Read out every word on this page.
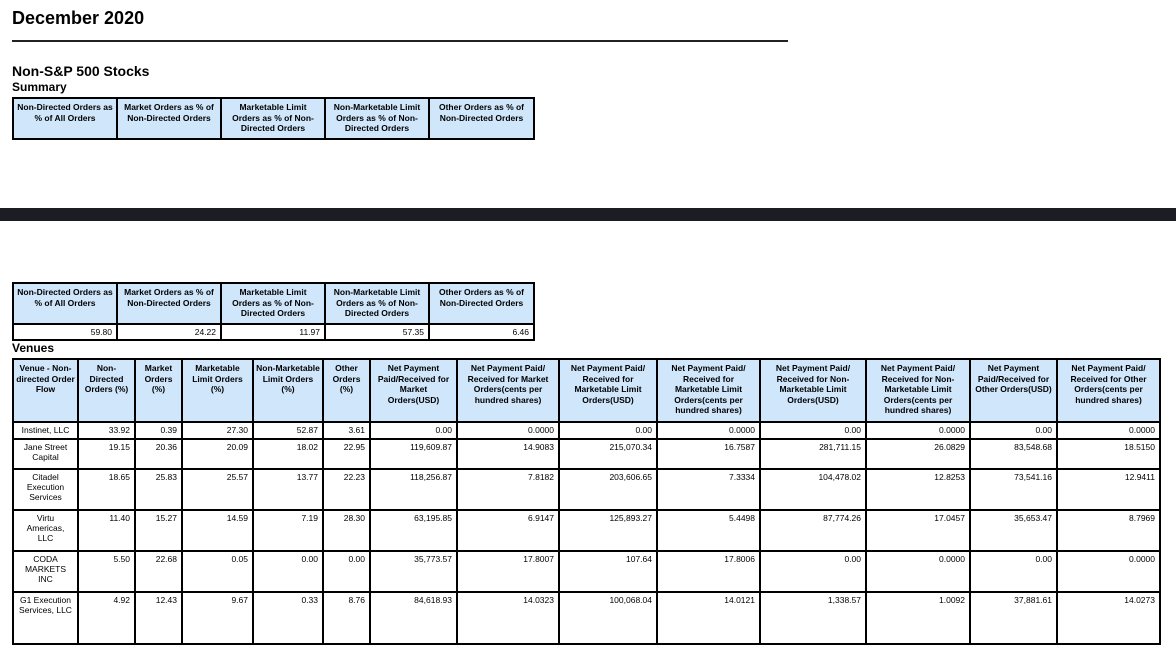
December 2020
Non-S&P 500 Stocks
Summary
Non-Directed Orders as % of All Orders	Market Orders as % of Non-Directed Orders	Marketable Limit Orders as % of Non-Directed Orders	Non-Marketable Limit Orders as % of Non-Directed Orders	Other Orders as % of Non-Directed Orders
Non-Directed Orders as % of All Orders	Market Orders as % of Non-Directed Orders	Marketable Limit Orders as % of Non-Directed Orders	Non-Marketable Limit Orders as % of Non-Directed Orders	Other Orders as % of Non-Directed Orders
59.80	24.22	11.97	57.35	6.46
Venues
Venue - Non-directed Order Flow	Non-Directed Orders (%)	Market Orders (%)	Marketable Limit Orders (%)	Non-Marketable Limit Orders (%)	Other Orders (%)	Net Payment Paid/Received for Market Orders(USD)	Net Payment Paid/ Received for Market Orders(cents per hundred shares)	Net Payment Paid/ Received for Marketable Limit Orders(USD)	Net Payment Paid/ Received for Marketable Limit Orders(cents per hundred shares)	Net Payment Paid/ Received for Non-Marketable Limit Orders(USD)	Net Payment Paid/ Received for Non-Marketable Limit Orders(cents per hundred shares)	Net Payment Paid/Received for Other Orders(USD)	Net Payment Paid/ Received for Other Orders(cents per hundred shares)
Instinet, LLC	33.92	0.39	27.30	52.87	3.61	0.00	0.0000	0.00	0.0000	0.00	0.0000	0.00	0.0000
Jane Street Capital	19.15	20.36	20.09	18.02	22.95	119,609.87	14.9083	215,070.34	16.7587	281,711.15	26.0829	83,548.68	18.5150
Citadel Execution Services	18.65	25.83	25.57	13.77	22.23	118,256.87	7.8182	203,606.65	7.3334	104,478.02	12.8253	73,541.16	12.9411
Virtu Americas, LLC	11.40	15.27	14.59	7.19	28.30	63,195.85	6.9147	125,893.27	5.4498	87,774.26	17.0457	35,653.47	8.7969
CODA MARKETS INC	5.50	22.68	0.05	0.00	0.00	35,773.57	17.8007	107.64	17.8006	0.00	0.0000	0.00	0.0000
G1 Execution Services, LLC	4.92	12.43	9.67	0.33	8.76	84,618.93	14.0323	100,068.04	14.0121	1,338.57	1.0092	37,881.61	14.0273
